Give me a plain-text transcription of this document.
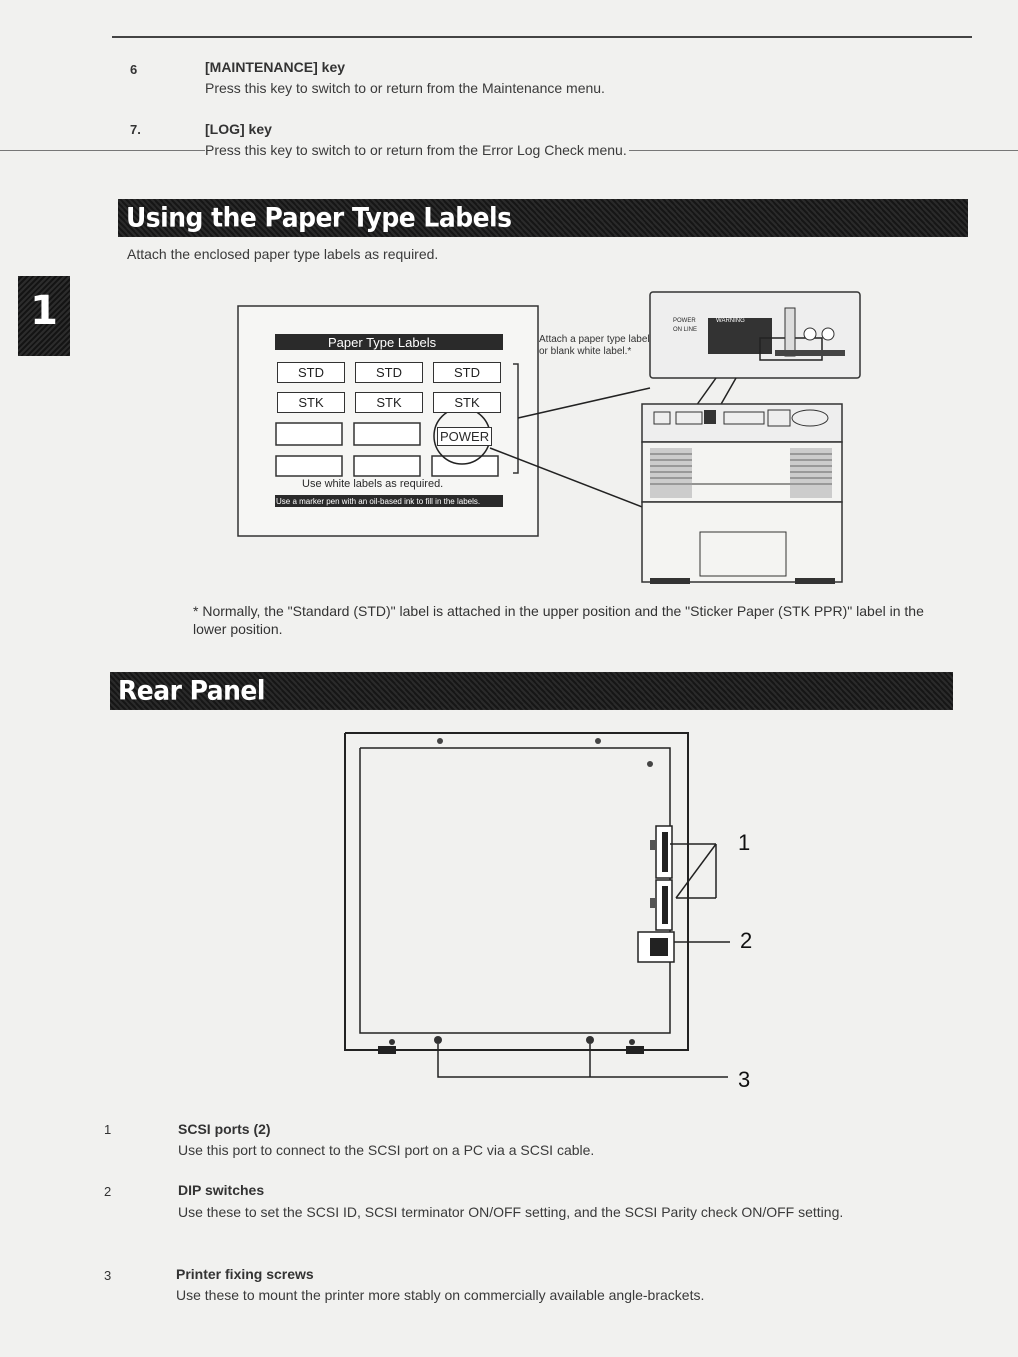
6	[MAINTENANCE] key
Press this key to switch to or return from the Maintenance menu.
7.	[LOG] key
Press this key to switch to or return from the Error Log Check menu.
1
Using the Paper Type Labels
Attach the enclosed paper type labels as required.
Paper Type Labels
STD	STD	STD
STK	STK	STK
POWER
Use white labels as required.
Use a marker pen with an oil-based ink to fill in the labels.
Attach a paper type label or blank white label.*
POWER
ON LINE
WARNING
* Normally, the "Standard (STD)" label is attached in the upper position and the "Sticker Paper (STK PPR)" label in the lower position.
Rear Panel
1
2
3
1	SCSI ports (2)
Use this port to connect to the SCSI port on a PC via a SCSI cable.
2	DIP switches
Use these to set the SCSI ID, SCSI terminator ON/OFF setting, and the SCSI Parity check ON/OFF setting.
3	Printer fixing screws
Use these to mount the printer more stably on commercially available angle-brackets.
